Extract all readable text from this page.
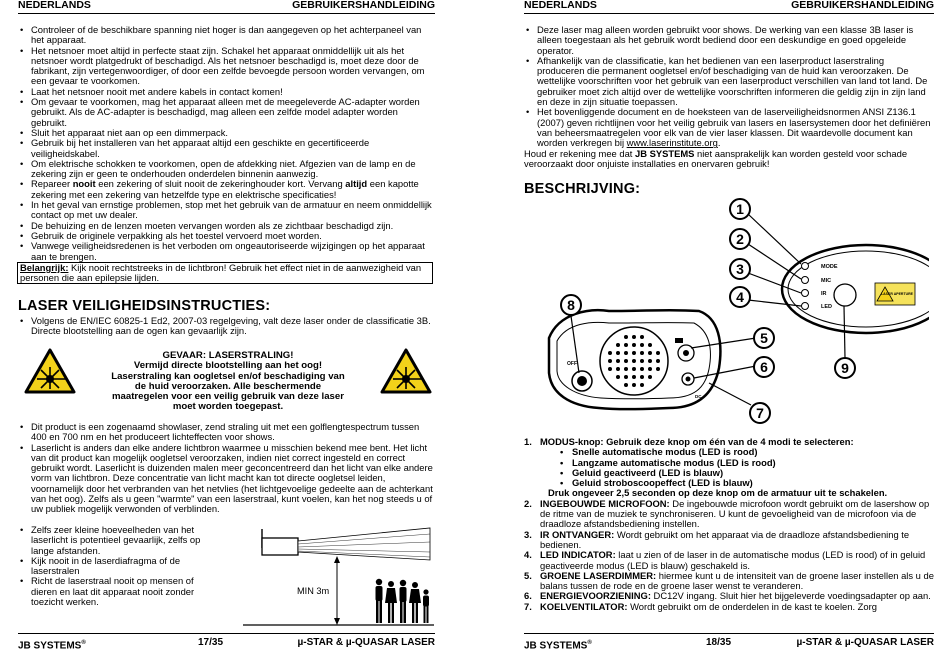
NEDERLANDS	GEBRUIKERSHANDLEIDING
• Controleer of de beschikbare spanning niet hoger is dan aangegeven op het achterpaneel van het apparaat.
• Het netsnoer moet altijd in perfecte staat zijn. Schakel het apparaat onmiddellijk uit als het netsnoer wordt platgedrukt of beschadigd. Als het netsnoer beschadigd is, moet deze door de fabrikant, zijn vertegenwoordiger, of door een zelfde bevoegde persoon worden vervangen, om een gevaar te voorkomen.
• Laat het netsnoer nooit met andere kabels in contact komen!
• Om gevaar te voorkomen, mag het apparaat alleen met de meegeleverde AC-adapter worden gebruikt. Als de AC-adapter is beschadigd, mag alleen een zelfde model adapter worden gebruikt.
• Sluit het apparaat niet aan op een dimmerpack.
• Gebruik bij het installeren van het apparaat altijd een geschikte en gecertificeerde veiligheidskabel.
• Om elektrische schokken te voorkomen, open de afdekking niet. Afgezien van de lamp en de zekering zijn er geen te onderhouden onderdelen binnenin aanwezig.
• Repareer nooit een zekering of sluit nooit de zekeringhouder kort. Vervang altijd een kapotte zekering met een zekering van hetzelfde type en elektrische specificaties!
• In het geval van ernstige problemen, stop met het gebruik van de armatuur en neem onmiddellijk contact op met uw dealer.
• De behuizing en de lenzen moeten vervangen worden als ze zichtbaar beschadigd zijn.
• Gebruik de originele verpakking als het toestel vervoerd moet worden.
• Vanwege veiligheidsredenen is het verboden om ongeautoriseerde wijzigingen op het apparaat aan te brengen.
Belangrijk: Kijk nooit rechtstreeks in de lichtbron! Gebruik het effect niet in de aanwezigheid van personen die aan epilepsie lijden.
LASER VEILIGHEIDSINSTRUCTIES:
• Volgens de EN/IEC 60825-1 Ed2, 2007-03 regelgeving, valt deze laser onder de classificatie 3B. Directe blootstelling aan de ogen kan gevaarlijk zijn.
GEVAAR: LASERSTRALING!
Vermijd directe blootstelling aan het oog! Laserstraling kan oogletsel en/of beschadiging van de huid veroorzaken. Alle beschermende maatregelen voor een veilig gebruik van deze laser moet worden toegepast.
• Dit product is een zogenaamd showlaser, zend straling uit met een golflengtespectrum tussen 400 en 700 nm en het produceert lichteffecten voor shows.
• Laserlicht is anders dan elke andere lichtbron waarmee u misschien bekend mee bent. Het licht van dit product kan mogelijk oogletsel veroorzaken, indien niet correct ingesteld en correct gebruikt wordt. Laserlicht is duizenden malen meer geconcentreerd dan het licht van elke andere vorm van lichtbron. Deze concentratie van licht macht kan tot directe oogletsel leiden, voornamelijk door het verbranden van het netvlies (het lichtgevoelige gedeelte aan de achterkant van het oog). Zelfs als u geen "warmte" van een laserstraal, kunt voelen, kan het nog steeds u of uw publiek mogelijk verwonden of verblinden.
• Zelfs zeer kleine hoeveelheden van het laserlicht is potentieel gevaarlijk, zelfs op lange afstanden.
• Kijk nooit in de laserdiafragma of de laserstralen
• Richt de laserstraal nooit op mensen of dieren en laat dit apparaat nooit zonder toezicht werken.
MIN 3m
JB SYSTEMS®	17/35	µ-STAR & µ-QUASAR LASER
NEDERLANDS	GEBRUIKERSHANDLEIDING
• Deze laser mag alleen worden gebruikt voor shows. De werking van een klasse 3B laser is alleen toegestaan als het gebruik wordt bediend door een deskundige en goed opgeleide operator.
• Afhankelijk van de classificatie, kan het bedienen van een laserproduct laserstraling produceren die permanent oogletsel en/of beschadiging van de huid kan veroorzaken. De wettelijke voorschriften voor het gebruik van een laserproduct verschillen van land tot land. De gebruiker moet zich altijd over de wettelijke voorschriften informeren die geldig zijn in zijn land en deze in zijn situatie toepassen.
• Het bovenliggende document en de hoeksteen van de laserveiligheidsnormen ANSI Z136.1 (2007) geven richtlijnen voor het veilig gebruik van lasers en lasersystemen door het definiëren van beheersmaatregelen voor elk van de vier laser klassen. Dit waardevolle document kan worden verkregen bij www.laserinstitute.org.
Houd er rekening mee dat JB SYSTEMS niet aansprakelijk kan worden gesteld voor schade veroorzaakt door onjuiste installaties en onervaren gebruik!
BESCHRIJVING:
MODE
MIC
IR
LED
LASER APERTURE
OFF
DC
1
2
3
4
5
6
7
8
9
1. MODUS-knop: Gebruik deze knop om één van de 4 modi te selecteren:
• Snelle automatische modus (LED is rood)
• Langzame automatische modus (LED is rood)
• Geluid geactiveerd (LED is blauw)
• Geluid stroboscoopeffect (LED is blauw)
Druk ongeveer 2,5 seconden op deze knop om de armatuur uit te schakelen.
2. INGEBOUWDE MICROFOON: De ingebouwde microfoon wordt gebruikt om de lasershow op de ritme van de muziek te synchroniseren. U kunt de gevoeligheid van de microfoon via de draadloze afstandsbediening instellen.
3. IR ONTVANGER: Wordt gebruikt om het apparaat via de draadloze afstandsbediening te bedienen.
4. LED INDICATOR: laat u zien of de laser in de automatische modus (LED is rood) of in geluid geactiveerde modus (LED is blauw) geschakeld is.
5. GROENE LASERDIMMER: hiermee kunt u de intensiteit van de groene laser instellen als u de balans tussen de rode en de groene laser wenst te veranderen.
6. ENERGIEVOORZIENING: DC12V ingang. Sluit hier het bijgeleverde voedingsadapter op aan.
7. KOELVENTILATOR: Wordt gebruikt om de onderdelen in de kast te koelen. Zorg
JB SYSTEMS®	18/35	µ-STAR & µ-QUASAR LASER
